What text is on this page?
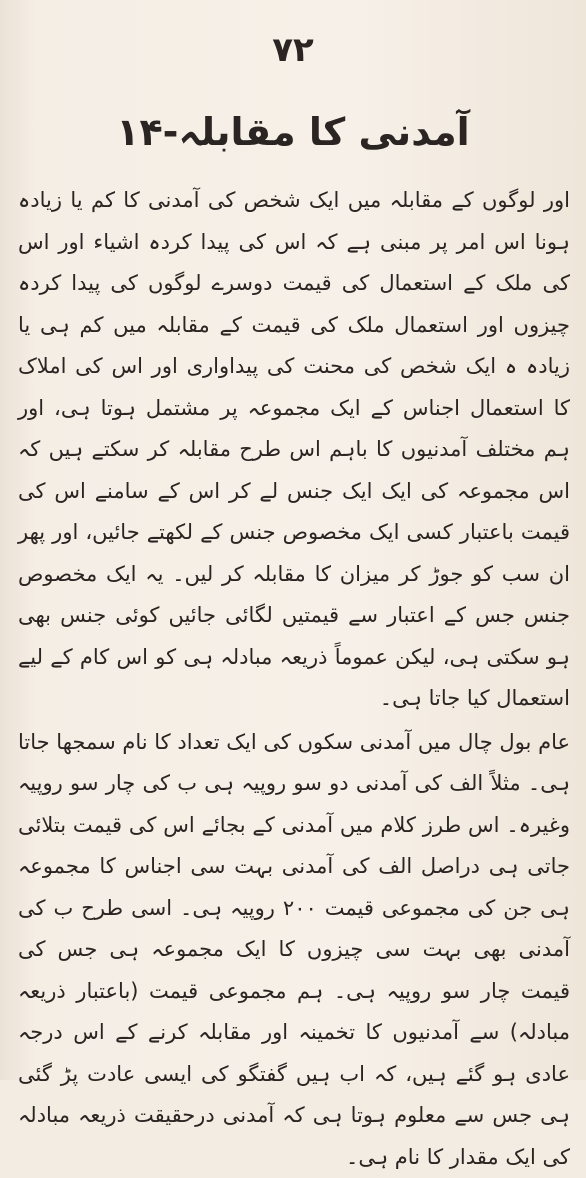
۷۲
۱۴-آمدنی کا مقابلہ

اور لوگوں کے مقابلہ میں ایک شخص کی آمدنی کا کم یا زیادہ ہونا اس امر پر مبنی ہے کہ اس کی پیدا کردہ اشیاء اور اس کی ملک کے استعمال کی قیمت دوسرے لوگوں کی پیدا کردہ چیزوں اور استعمال ملک کی قیمت کے مقابلہ میں کم ہی یا زیادہ ہ ایک شخص کی محنت کی پیداواری اور اس کی املاک کا استعمال اجناس کے ایک مجموعہ پر مشتمل ہوتا ہی، اور ہم مختلف آمدنیوں کا باہم اس طرح مقابلہ کر سکتے ہیں کہ اس مجموعہ کی ایک ایک جنس لے کر اس کے سامنے اس کی قیمت باعتبار کسی ایک مخصوص جنس کے لکھتے جائیں، اور پھر ان سب کو جوڑ کر میزان کا مقابلہ کر لیں۔ یہ ایک مخصوص جنس جس کے اعتبار سے قیمتیں لگائی جائیں کوئی جنس بھی ہو سکتی ہی، لیکن عموماً ذریعہ مبادلہ ہی کو اس کام کے لیے استعمال کیا جاتا ہی۔

عام بول چال میں آمدنی سکوں کی ایک تعداد کا نام سمجھا جاتا ہی۔ مثلاً الف کی آمدنی دو سو روپیہ ہی ب کی چار سو روپیہ وغیرہ۔ اس طرز کلام میں آمدنی کے بجائے اس کی قیمت بتلائی جاتی ہی دراصل الف کی آمدنی بہت سی اجناس کا مجموعہ ہی جن کی مجموعی قیمت ۲۰۰ روپیہ ہی۔ اسی طرح ب کی آمدنی بھی بہت سی چیزوں کا ایک مجموعہ ہی جس کی قیمت چار سو روپیہ ہی۔ ہم مجموعی قیمت (باعتبار ذریعہ مبادلہ) سے آمدنیوں کا تخمینہ اور مقابلہ کرنے کے اس درجہ عادی ہو گئے ہیں، کہ اب ہیں گفتگو کی ایسی عادت پڑ گئی ہی جس سے معلوم ہوتا ہی کہ آمدنی درحقیقت ذریعہ مبادلہ کی ایک مقدار کا نام ہی۔
